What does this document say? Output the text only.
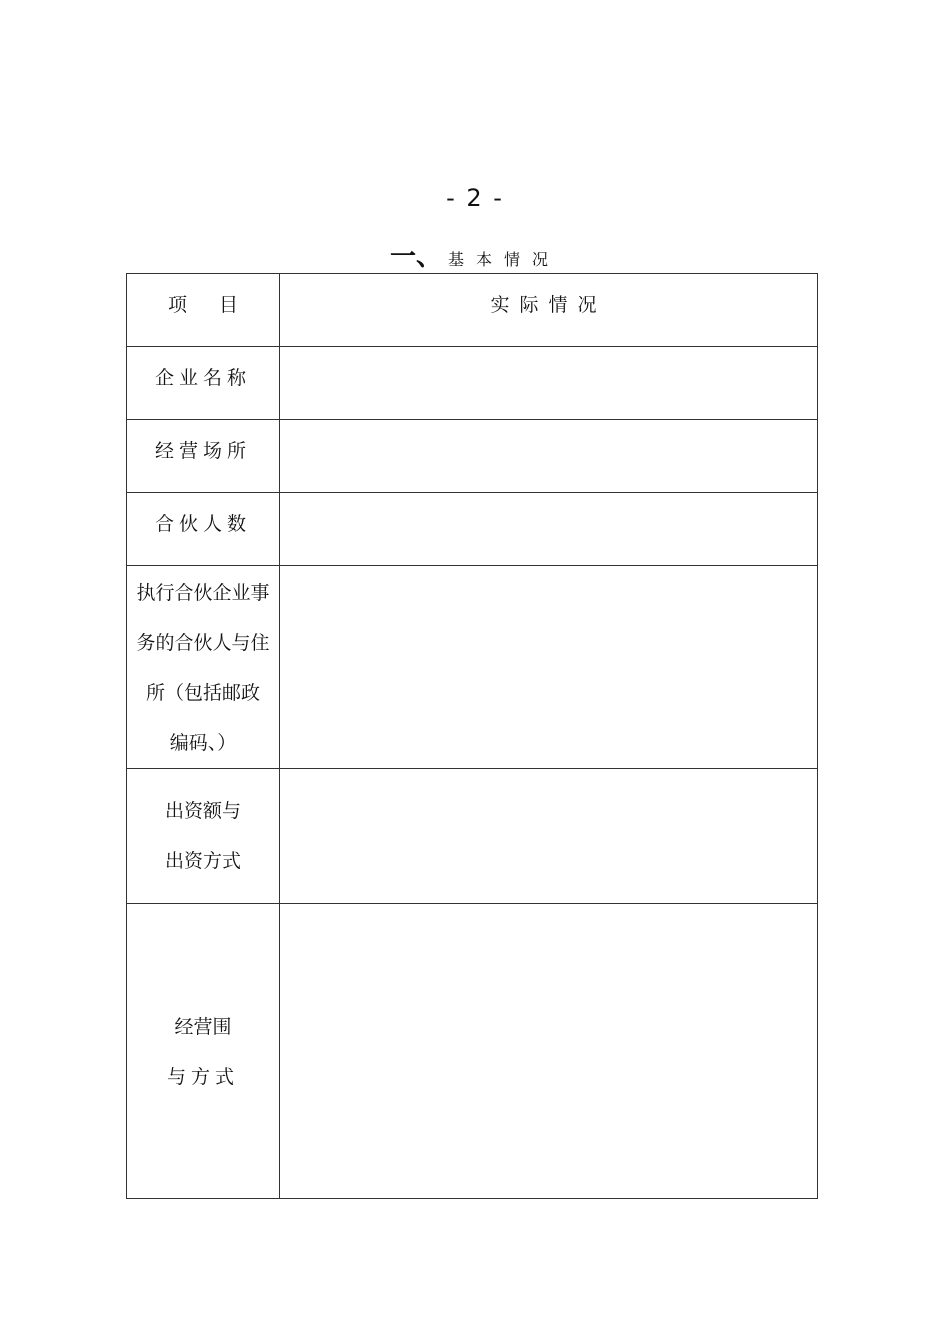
- 2 -
一、 基本情况
项 目	实际情况

企业名称	

经营场所	

合伙人数	

执行合伙企业事
务的合伙人与住
所（包括邮政
编码、）	

出资额与
出资方式	

经营围
与方式	
